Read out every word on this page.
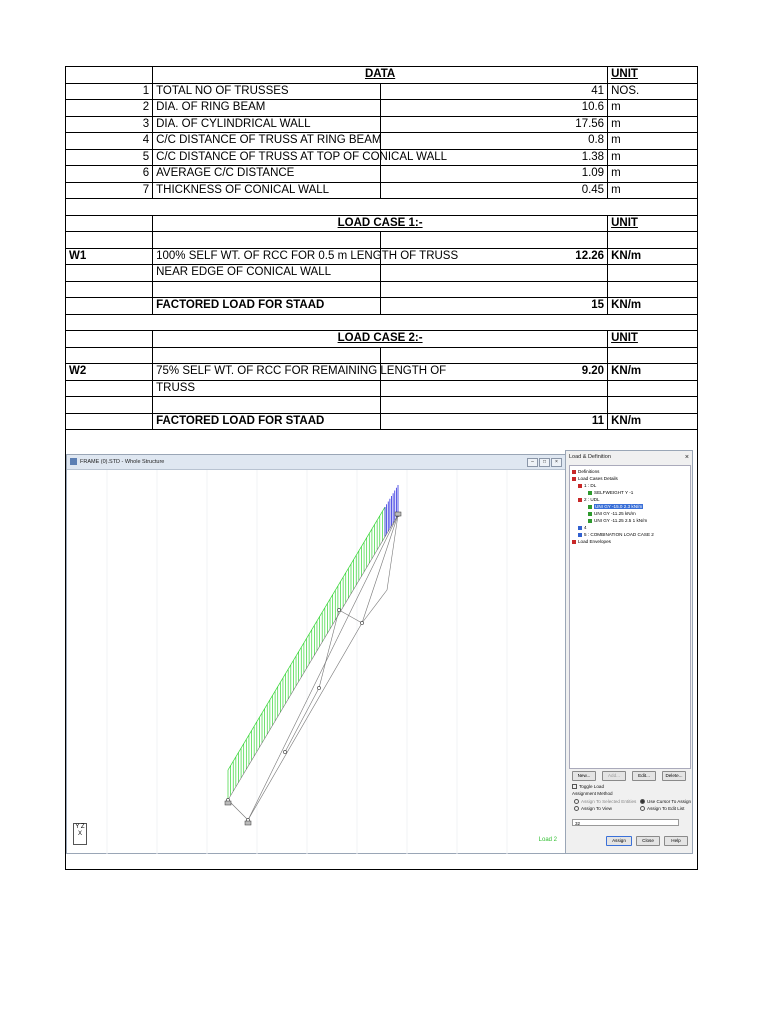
	DATA		UNIT
1	TOTAL NO OF TRUSSES	41	NOS.
2	DIA. OF RING BEAM	10.6	m
3	DIA. OF CYLINDRICAL WALL	17.56	m
4	C/C DISTANCE OF TRUSS AT RING BEAM	0.8	m
5	C/C DISTANCE OF TRUSS AT TOP OF CONICAL WALL	1.38	m
6	AVERAGE C/C DISTANCE	1.09	m
7	THICKNESS OF CONICAL WALL	0.45	m

	LOAD CASE 1:-		UNIT

W1	100% SELF WT. OF RCC FOR 0.5 m LENGTH OF TRUSS	12.26	KN/m
	NEAR EDGE OF CONICAL WALL		

	FACTORED LOAD FOR STAAD	15	KN/m

	LOAD CASE 2:-		UNIT

W2	75% SELF WT. OF RCC FOR REMAINING LENGTH OF	9.20	KN/m
	TRUSS		

	FACTORED LOAD FOR STAAD	11	KN/m
FRAME (0).STD - Whole Structure	–	□	×
Y Z X
Load 2
Load & Definition	×
Definitions
Load Cases Details
1 : DL
SELFWEIGHT Y -1
2 : UDL
UNI GY -15.0 2.3 kN/m
UNI GY -11.25 kN/m
UNI GY -11.25 2.5 1 kN/m
4
5 : COMBINATION LOAD CASE 2
Load Envelopes
New...	Add...	Edit...	Delete...
Toggle Load
Assignment Method
Assign To Selected Entities	Use Cursor To Assign
Assign To View	Assign To Edit List
32
Assign	Close	Help
